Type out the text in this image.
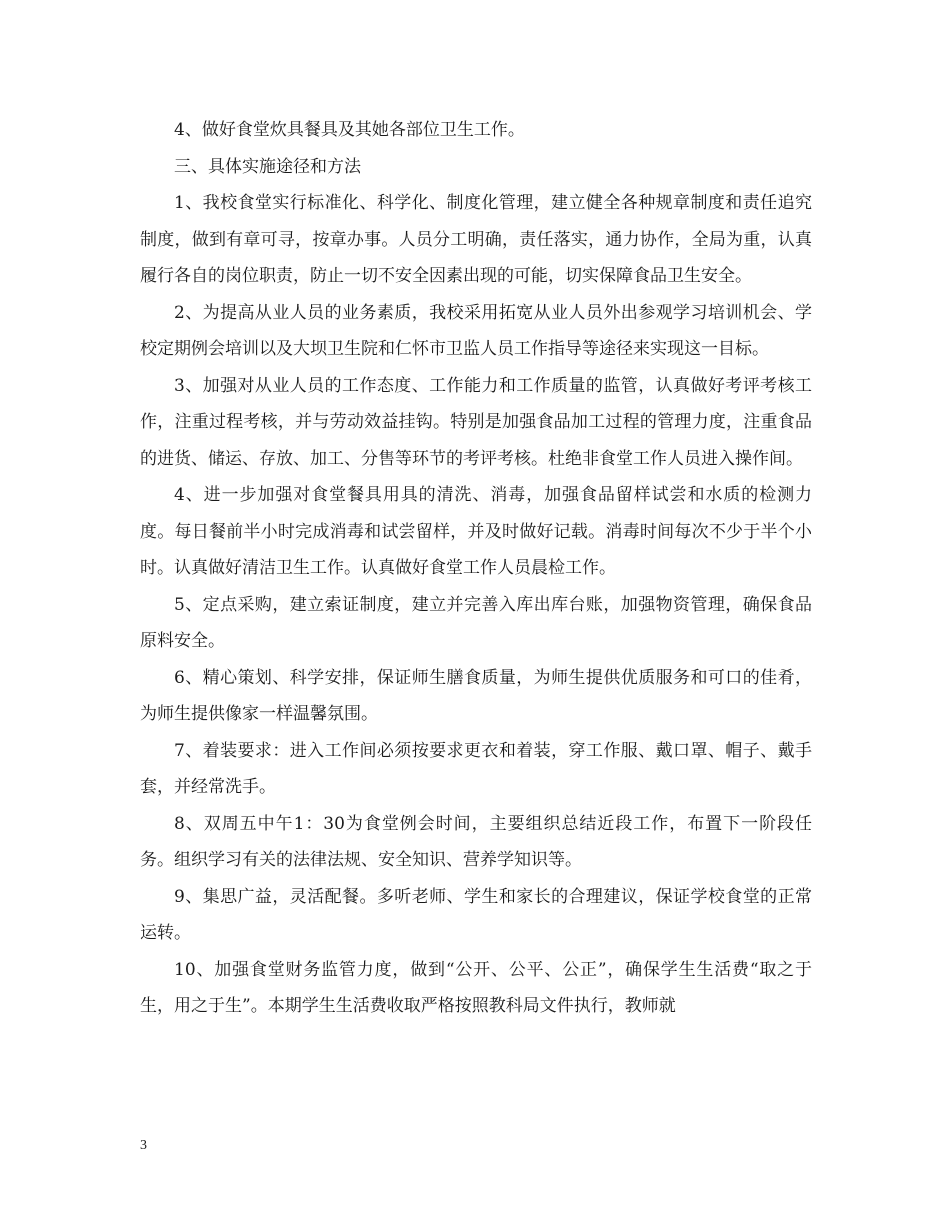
4、做好食堂炊具餐具及其她各部位卫生工作。

三、具体实施途径和方法

1、我校食堂实行标准化、科学化、制度化管理，建立健全各种规章制度和责任追究制度，做到有章可寻，按章办事。人员分工明确，责任落实，通力协作，全局为重，认真履行各自的岗位职责，防止一切不安全因素出现的可能，切实保障食品卫生安全。

2、为提高从业人员的业务素质，我校采用拓宽从业人员外出参观学习培训机会、学校定期例会培训以及大坝卫生院和仁怀市卫监人员工作指导等途径来实现这一目标。

3、加强对从业人员的工作态度、工作能力和工作质量的监管，认真做好考评考核工作，注重过程考核，并与劳动效益挂钩。特别是加强食品加工过程的管理力度，注重食品的进货、储运、存放、加工、分售等环节的考评考核。杜绝非食堂工作人员进入操作间。

4、进一步加强对食堂餐具用具的清洗、消毒，加强食品留样试尝和水质的检测力度。每日餐前半小时完成消毒和试尝留样，并及时做好记载。消毒时间每次不少于半个小时。认真做好清洁卫生工作。认真做好食堂工作人员晨检工作。

5、定点采购，建立索证制度，建立并完善入库出库台账，加强物资管理，确保食品原料安全。

6、精心策划、科学安排，保证师生膳食质量，为师生提供优质服务和可口的佳肴，为师生提供像家一样温馨氛围。

7、着装要求：进入工作间必须按要求更衣和着装，穿工作服、戴口罩、帽子、戴手套，并经常洗手。

8、双周五中午1：30为食堂例会时间，主要组织总结近段工作，布置下一阶段任务。组织学习有关的法律法规、安全知识、营养学知识等。

9、集思广益，灵活配餐。多听老师、学生和家长的合理建议，保证学校食堂的正常运转。

10、加强食堂财务监管力度，做到“公开、公平、公正”，确保学生生活费“取之于生，用之于生”。本期学生生活费收取严格按照教科局文件执行，教师就

3
